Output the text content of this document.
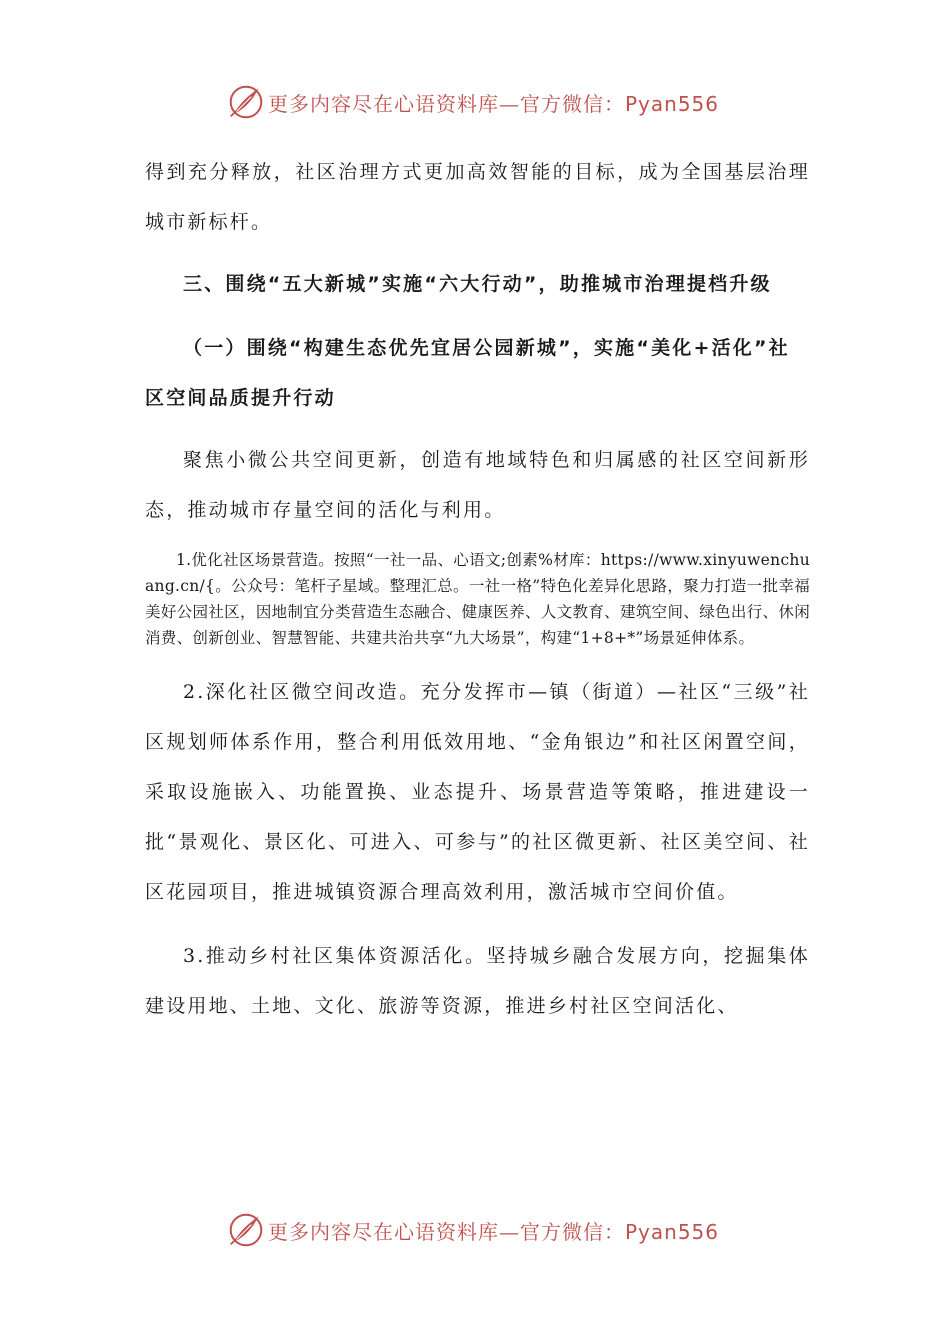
更多内容尽在心语资料库—官方微信：Pyan556

得到充分释放，社区治理方式更加高效智能的目标，成为全国基层治理城市新标杆。

三、围绕“五大新城”实施“六大行动”，助推城市治理提档升级
（一）围绕“构建生态优先宜居公园新城”，实施“美化+活化”社区空间品质提升行动

聚焦小微公共空间更新，创造有地域特色和归属感的社区空间新形态，推动城市存量空间的活化与利用。

1.优化社区场景营造。按照“一社一品、心语文;创素%材库：https://www.xinyuwenchuang.cn/{。公众号：笔杆子星域。整理汇总。一社一格”特色化差异化思路，聚力打造一批幸福美好公园社区，因地制宜分类营造生态融合、健康医养、人文教育、建筑空间、绿色出行、休闲消费、创新创业、智慧智能、共建共治共享“九大场景”，构建“1+8+*”场景延伸体系。

2.深化社区微空间改造。充分发挥市—镇（街道）—社区“三级”社区规划师体系作用，整合利用低效用地、“金角银边”和社区闲置空间，采取设施嵌入、功能置换、业态提升、场景营造等策略，推进建设一批“景观化、景区化、可进入、可参与”的社区微更新、社区美空间、社区花园项目，推进城镇资源合理高效利用，激活城市空间价值。

3.推动乡村社区集体资源活化。坚持城乡融合发展方向，挖掘集体建设用地、土地、文化、旅游等资源，推进乡村社区空间活化、

更多内容尽在心语资料库—官方微信：Pyan556
